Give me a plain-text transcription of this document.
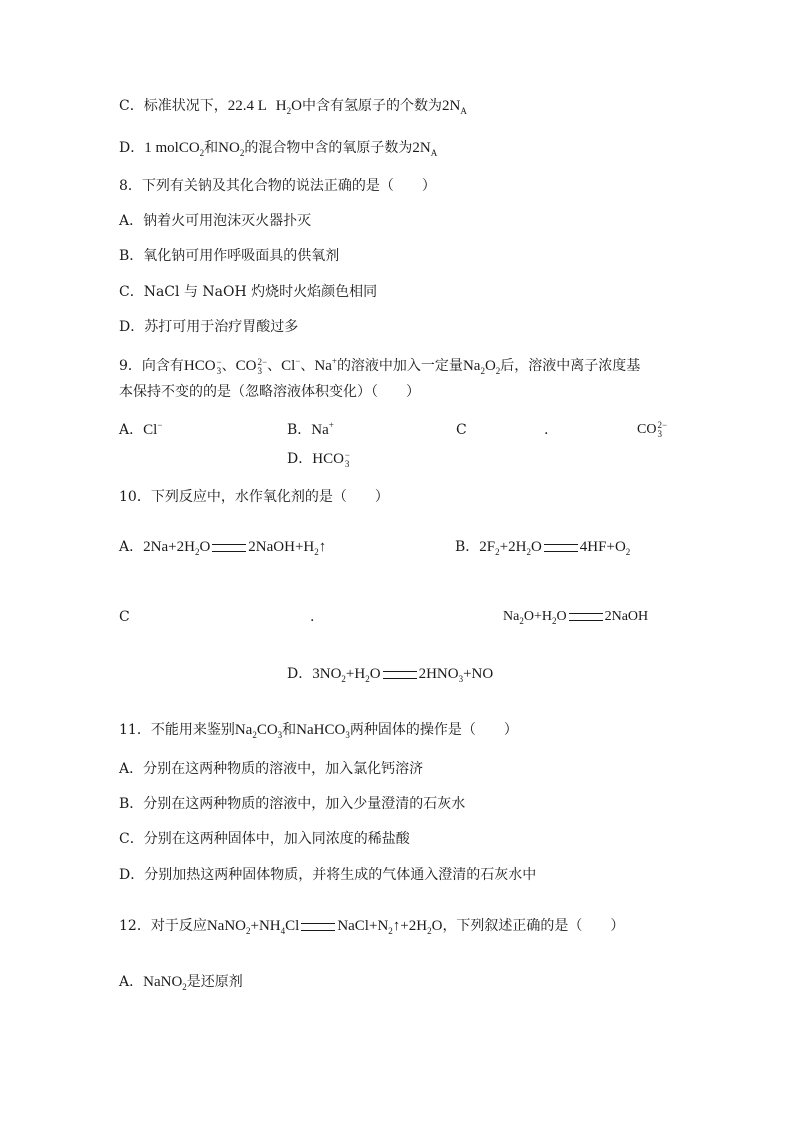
C．标准状况下，22.4 L $H_2O$中含有氢原子的个数为$2N_A$
D．1 molCO$_2$和$NO_2$的混合物中含的氧原子数为$2N_A$
8．下列有关钠及其化合物的说法正确的是（　　）
A．钠着火可用泡沫灭火器扑灭
B．氧化钠可用作呼吸面具的供氧剂
C．NaCl 与 NaOH 灼烧时火焰颜色相同
D．苏打可用于治疗胃酸过多
9．向含有HCO −
3 、CO 2−
3 、Cl−、Na+的溶液中加入一定量$Na_2O_2$后，溶液中离子浓度基
本保持不变的的是（忽略溶液体积变化）（　　）
A．Cl−	B．Na+	C	.	CO 2−
3
D．HCO −
3
10．下列反应中，水作氧化剂的是（　　）
A．$2Na+2H_2O$	$2NaOH+H_2↑$	B．$2F_2+2H_2O$	$4HF+O_2$
C	.	$Na_2O+H_2O$	2NaOH
D．$3NO_2+H_2O$	$2HNO_3+NO$
11．不能用来鉴别$Na_2CO_3$和NaHCO$_3$两种固体的操作是（　　）
A．分别在这两种物质的溶液中，加入氯化钙溶济
B．分别在这两种物质的溶液中，加入少量澄清的石灰水
C．分别在这两种固体中，加入同浓度的稀盐酸
D．分别加热这两种固体物质，并将生成的气体通入澄清的石灰水中
12．对于反应$NaNO_2+NH_4Cl$	$NaCl+N_2↑+2H_2O$，下列叙述正确的是（　　）
A．NaNO$_2$是还原剂
